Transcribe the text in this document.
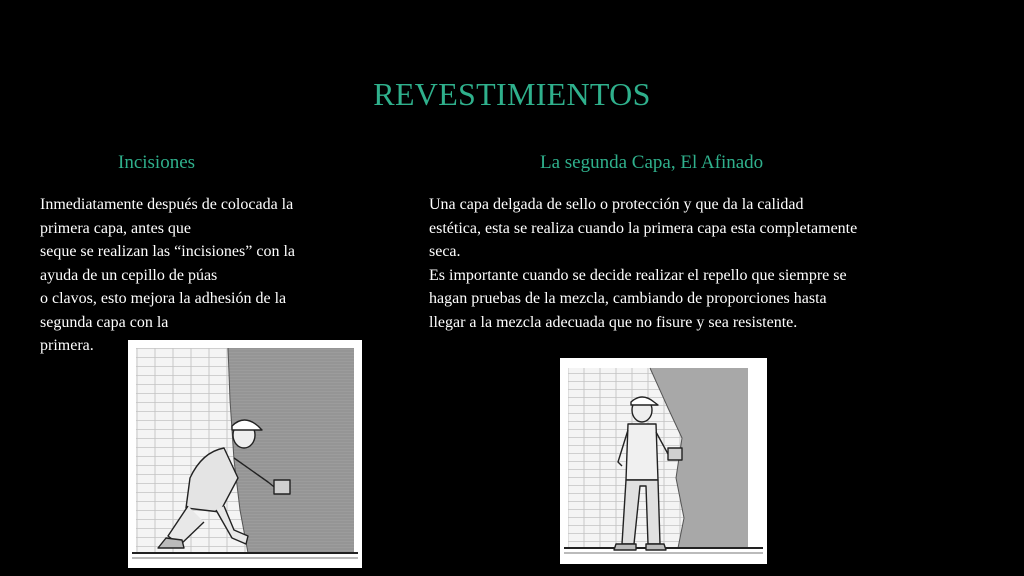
REVESTIMIENTOS
Incisiones	La segunda Capa, El Afinado
Inmediatamente después de colocada la
primera capa, antes que
seque se realizan las “incisiones” con la
ayuda de un cepillo de púas
o clavos, esto mejora la adhesión de la
segunda capa con la
primera.
Una capa delgada de sello o protección y que da la calidad
estética, esta se realiza cuando la primera capa esta completamente
seca.
Es importante cuando se decide realizar el repello que siempre se
hagan pruebas de la mezcla, cambiando de proporciones hasta
llegar a la mezcla adecuada que no fisure y sea resistente.
